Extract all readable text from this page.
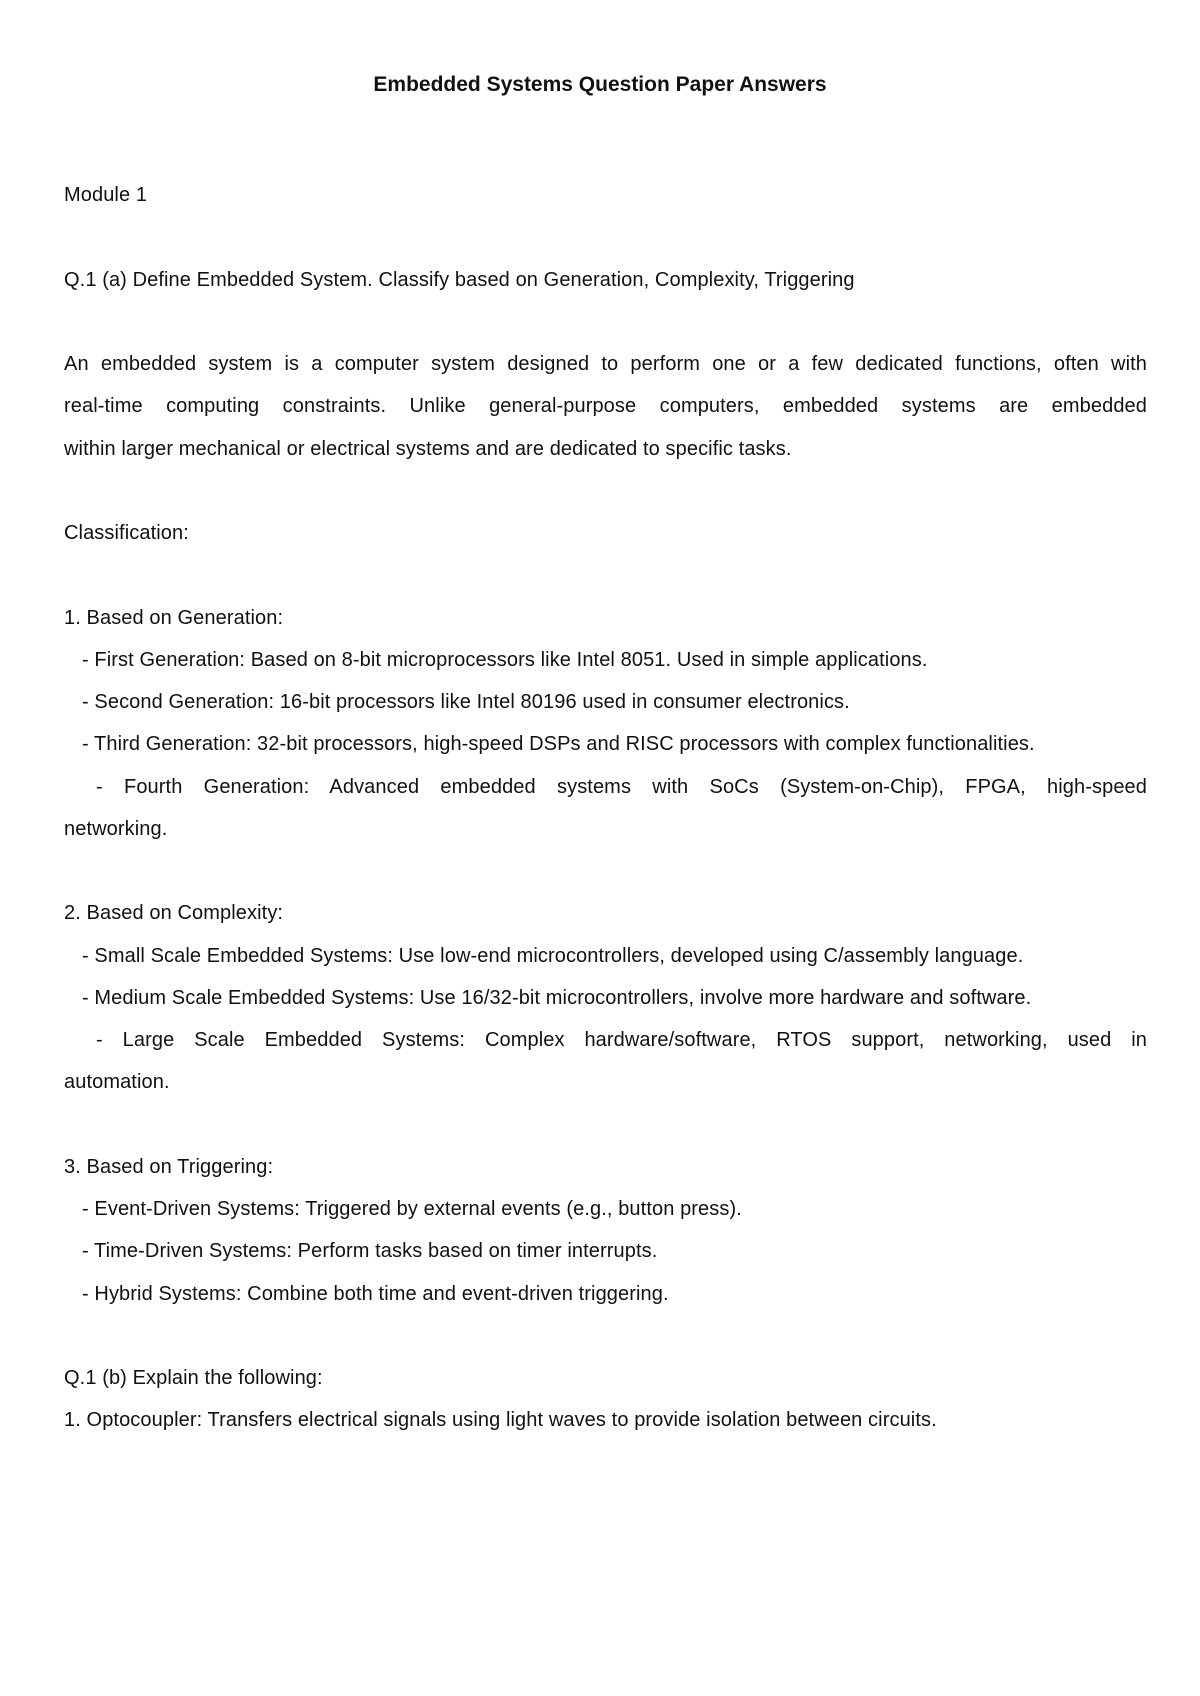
Embedded Systems Question Paper Answers
Module 1
Q.1 (a) Define Embedded System. Classify based on Generation, Complexity, Triggering
An embedded system is a computer system designed to perform one or a few dedicated functions, often with
real-time computing constraints. Unlike general-purpose computers, embedded systems are embedded
within larger mechanical or electrical systems and are dedicated to specific tasks.
Classification:
1. Based on Generation:
- First Generation: Based on 8-bit microprocessors like Intel 8051. Used in simple applications.
- Second Generation: 16-bit processors like Intel 80196 used in consumer electronics.
- Third Generation: 32-bit processors, high-speed DSPs and RISC processors with complex functionalities.
- Fourth Generation: Advanced embedded systems with SoCs (System-on-Chip), FPGA, high-speed
networking.
2. Based on Complexity:
- Small Scale Embedded Systems: Use low-end microcontrollers, developed using C/assembly language.
- Medium Scale Embedded Systems: Use 16/32-bit microcontrollers, involve more hardware and software.
- Large Scale Embedded Systems: Complex hardware/software, RTOS support, networking, used in
automation.
3. Based on Triggering:
- Event-Driven Systems: Triggered by external events (e.g., button press).
- Time-Driven Systems: Perform tasks based on timer interrupts.
- Hybrid Systems: Combine both time and event-driven triggering.
Q.1 (b) Explain the following:
1. Optocoupler: Transfers electrical signals using light waves to provide isolation between circuits.
